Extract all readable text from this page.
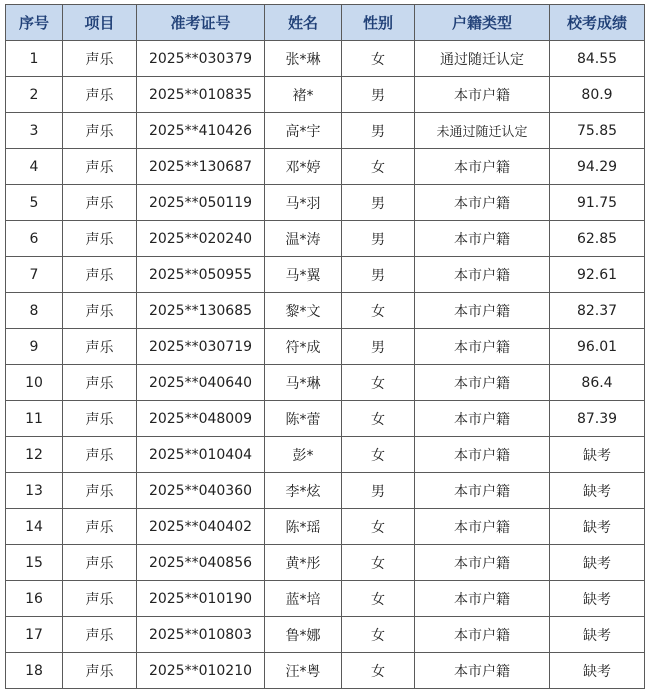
序号	项目	准考证号	姓名	性别	户籍类型	校考成绩
1	声乐	2025**030379	张*琳	女	通过随迁认定	84.55
2	声乐	2025**010835	褚*	男	本市户籍	80.9
3	声乐	2025**410426	高*宇	男	未通过随迁认定	75.85
4	声乐	2025**130687	邓*婷	女	本市户籍	94.29
5	声乐	2025**050119	马*羽	男	本市户籍	91.75
6	声乐	2025**020240	温*涛	男	本市户籍	62.85
7	声乐	2025**050955	马*翼	男	本市户籍	92.61
8	声乐	2025**130685	黎*文	女	本市户籍	82.37
9	声乐	2025**030719	符*成	男	本市户籍	96.01
10	声乐	2025**040640	马*琳	女	本市户籍	86.4
11	声乐	2025**048009	陈*蕾	女	本市户籍	87.39
12	声乐	2025**010404	彭*	女	本市户籍	缺考
13	声乐	2025**040360	李*炫	男	本市户籍	缺考
14	声乐	2025**040402	陈*瑶	女	本市户籍	缺考
15	声乐	2025**040856	黄*彤	女	本市户籍	缺考
16	声乐	2025**010190	蓝*培	女	本市户籍	缺考
17	声乐	2025**010803	鲁*娜	女	本市户籍	缺考
18	声乐	2025**010210	汪*粤	女	本市户籍	缺考
